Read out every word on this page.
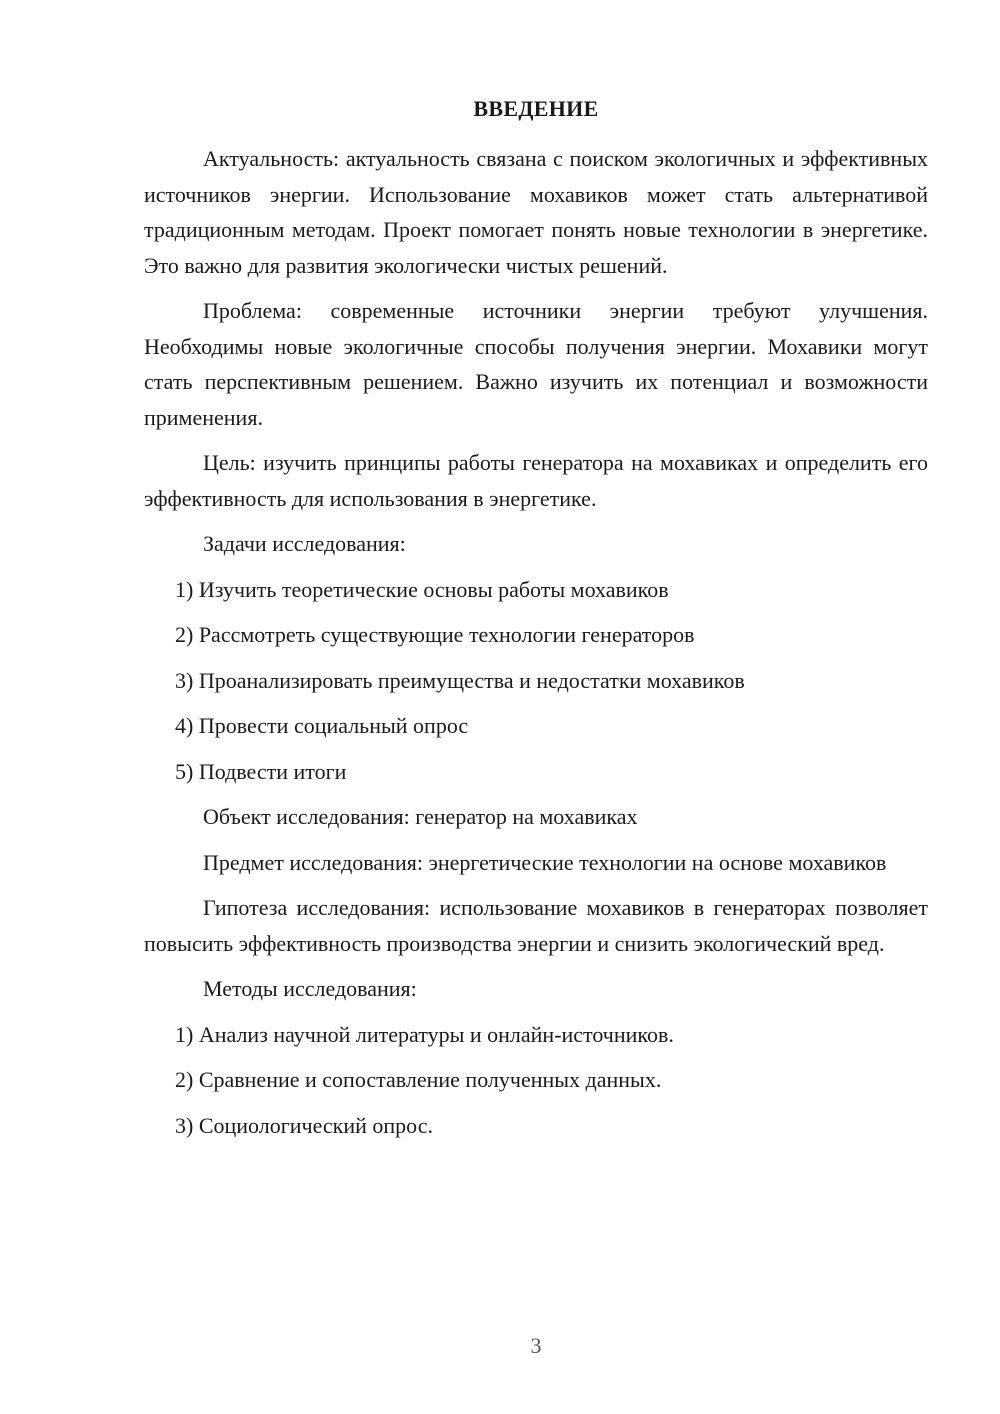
ВВЕДЕНИЕ

Актуальность: актуальность связана с поиском экологичных и эффективных источников энергии. Использование мохавиков может стать альтернативой традиционным методам. Проект помогает понять новые технологии в энергетике. Это важно для развития экологически чистых решений.

Проблема: современные источники энергии требуют улучшения. Необходимы новые экологичные способы получения энергии. Мохавики могут стать перспективным решением. Важно изучить их потенциал и возможности применения.

Цель: изучить принципы работы генератора на мохавиках и определить его эффективность для использования в энергетике.

Задачи исследования:

1) Изучить теоретические основы работы мохавиков
2) Рассмотреть существующие технологии генераторов
3) Проанализировать преимущества и недостатки мохавиков
4) Провести социальный опрос
5) Подвести итоги

Объект исследования: генератор на мохавиках

Предмет исследования: энергетические технологии на основе мохавиков

Гипотеза исследования: использование мохавиков в генераторах позволяет повысить эффективность производства энергии и снизить экологический вред.

Методы исследования:

1) Анализ научной литературы и онлайн-источников.
2) Сравнение и сопоставление полученных данных.
3) Социологический опрос.
3
